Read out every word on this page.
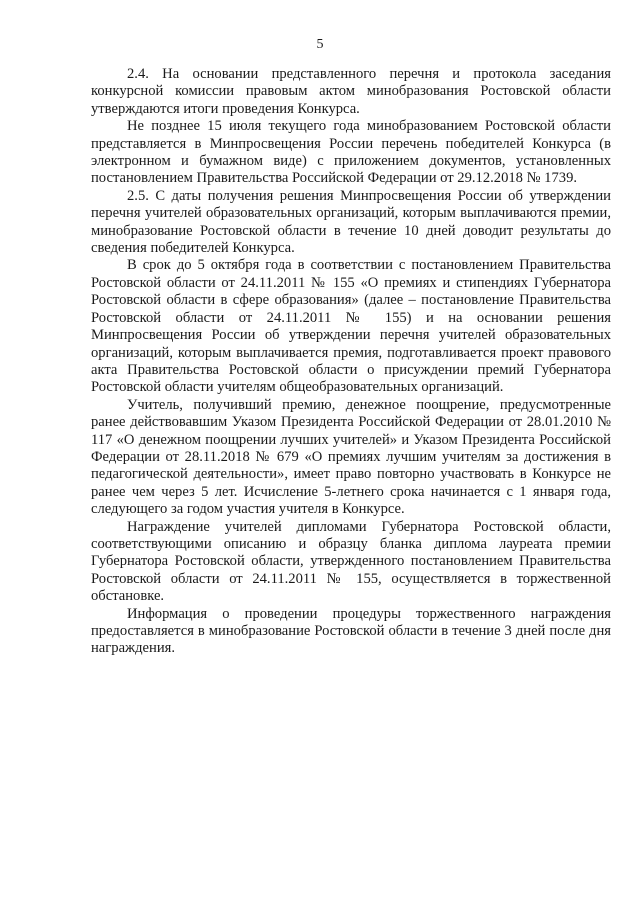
5

2.4. На основании представленного перечня и протокола заседания конкурсной комиссии правовым актом минобразования Ростовской области утверждаются итоги проведения Конкурса.

Не позднее 15 июля текущего года минобразованием Ростовской области представляется в Минпросвещения России перечень победителей Конкурса (в электронном и бумажном виде) с приложением документов, установленных постановлением Правительства Российской Федерации от 29.12.2018 № 1739.

2.5. С даты получения решения Минпросвещения России об утверждении перечня учителей образовательных организаций, которым выплачиваются премии, минобразование Ростовской области в течение 10 дней доводит результаты до сведения победителей Конкурса.

В срок до 5 октября года в соответствии с постановлением Правительства Ростовской области от 24.11.2011 № 155 «О премиях и стипендиях Губернатора Ростовской области в сфере образования» (далее – постановление Правительства Ростовской области от 24.11.2011 № 155) и на основании решения Минпросвещения России об утверждении перечня учителей образовательных организаций, которым выплачивается премия, подготавливается проект правового акта Правительства Ростовской области о присуждении премий Губернатора Ростовской области учителям общеобразовательных организаций.

Учитель, получивший премию, денежное поощрение, предусмотренные ранее действовавшим Указом Президента Российской Федерации от 28.01.2010 № 117 «О денежном поощрении лучших учителей» и Указом Президента Российской Федерации от 28.11.2018 № 679 «О премиях лучшим учителям за достижения в педагогической деятельности», имеет право повторно участвовать в Конкурсе не ранее чем через 5 лет. Исчисление 5-летнего срока начинается с 1 января года, следующего за годом участия учителя в Конкурсе.

Награждение учителей дипломами Губернатора Ростовской области, соответствующими описанию и образцу бланка диплома лауреата премии Губернатора Ростовской области, утвержденного постановлением Правительства Ростовской области от 24.11.2011 № 155, осуществляется в торжественной обстановке.

Информация о проведении процедуры торжественного награждения предоставляется в минобразование Ростовской области в течение 3 дней после дня награждения.
